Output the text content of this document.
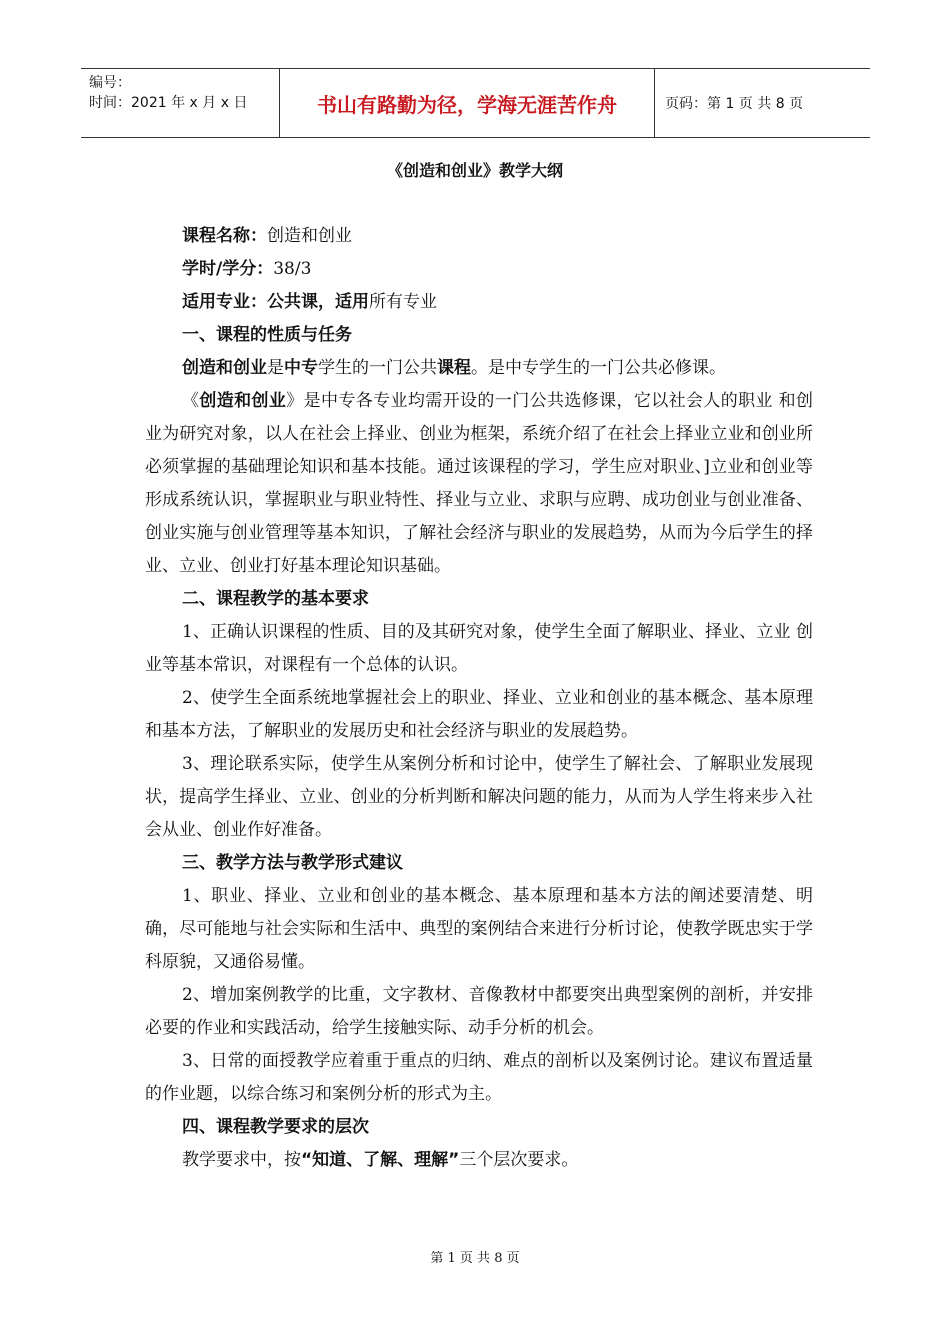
编号：
时间：2021 年 x 月 x 日	书山有路勤为径，学海无涯苦作舟	页码：第 1 页 共 8 页
《创造和创业》教学大纲
课程名称：创造和创业
学时/学分：38/3
适用专业：公共课，适用所有专业
一、课程的性质与任务
创造和创业是中专学生的一门公共课程。是中专学生的一门公共必修课。
《创造和创业》是中专各专业均需开设的一门公共选修课，它以社会人的职业 和创业为研究对象，以人在社会上择业、创业为框架，系统介绍了在社会上择业立业和创业所必须掌握的基础理论知识和基本技能。通过该课程的学习，学生应对职业、]立业和创业等形成系统认识，掌握职业与职业特性、择业与立业、求职与应聘、成功创业与创业准备、创业实施与创业管理等基本知识，了解社会经济与职业的发展趋势，从而为今后学生的择业、立业、创业打好基本理论知识基础。
二、课程教学的基本要求
1、正确认识课程的性质、目的及其研究对象，使学生全面了解职业、择业、立业 创业等基本常识，对课程有一个总体的认识。
2、使学生全面系统地掌握社会上的职业、择业、立业和创业的基本概念、基本原理和基本方法，了解职业的发展历史和社会经济与职业的发展趋势。
3、理论联系实际，使学生从案例分析和讨论中，使学生了解社会、了解职业发展现状，提高学生择业、立业、创业的分析判断和解决问题的能力，从而为人学生将来步入社会从业、创业作好准备。
三、教学方法与教学形式建议
1、职业、择业、立业和创业的基本概念、基本原理和基本方法的阐述要清楚、明确，尽可能地与社会实际和生活中、典型的案例结合来进行分析讨论，使教学既忠实于学科原貌，又通俗易懂。
2、增加案例教学的比重，文字教材、音像教材中都要突出典型案例的剖析，并安排必要的作业和实践活动，给学生接触实际、动手分析的机会。
3、日常的面授教学应着重于重点的归纳、难点的剖析以及案例讨论。建议布置适量的作业题，以综合练习和案例分析的形式为主。
四、课程教学要求的层次
教学要求中，按“知道、了解、理解”三个层次要求。
第 1 页 共 8 页
